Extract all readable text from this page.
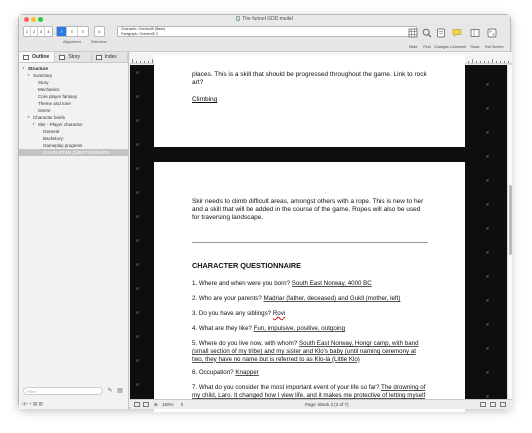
The funnel GDD.meilel
1	2	3	4	≡	≡	≡	▷
Alignment	Direction
Character; Overlord'll (Base)
Paragraph; Overlord'll 3
Table	Find Changes Comment	Show	Full Screen
Outline	Story	Index
▼ Structure
▼ Summary
Story
Mechanics
Core player fantasy
Theme and tone
Genre
▼ Character briefs
▼ Skir - Player character
General
Backstory:
Gameplay progress
CHARACTER QUESTIONNAIRE
Filter	✎ ▤
◁▷ + ▤ ▥
places. This is a skill that should be progressed throughout the game. Link to rock
art?
Climbing
Skir needs to climb difficult areas, amongst others with a rope. This is new to her and a skill that will be added in the course of the game. Ropes will also be used for traversing landscape.
CHARACTER QUESTIONNAIRE
1. Where and when were you born? South East Norway, 4000 BC
2. Who are your parents? Madriar (father, deceased) and Gukll (mother, left)
3. Do you have any siblings? Rovi
4. What are they like? Fun, impulsive, positive, outgoing
5. Where do you live now, with whom? South East Norway, Hongr camp, with band (small section of my tribe) and my sister and Klo's baby (until naming ceremony at two, they have no name but is referred to as Klo-la (Little Klo)
6. Occupation? Knapper
7. What do you consider the most important event of your life so far? The drowning of my child, Laro. It changed how I view life, and it makes me protective of letting myself
⊕ 150% ⇕	Page: Blank 3 (3 of 7)
